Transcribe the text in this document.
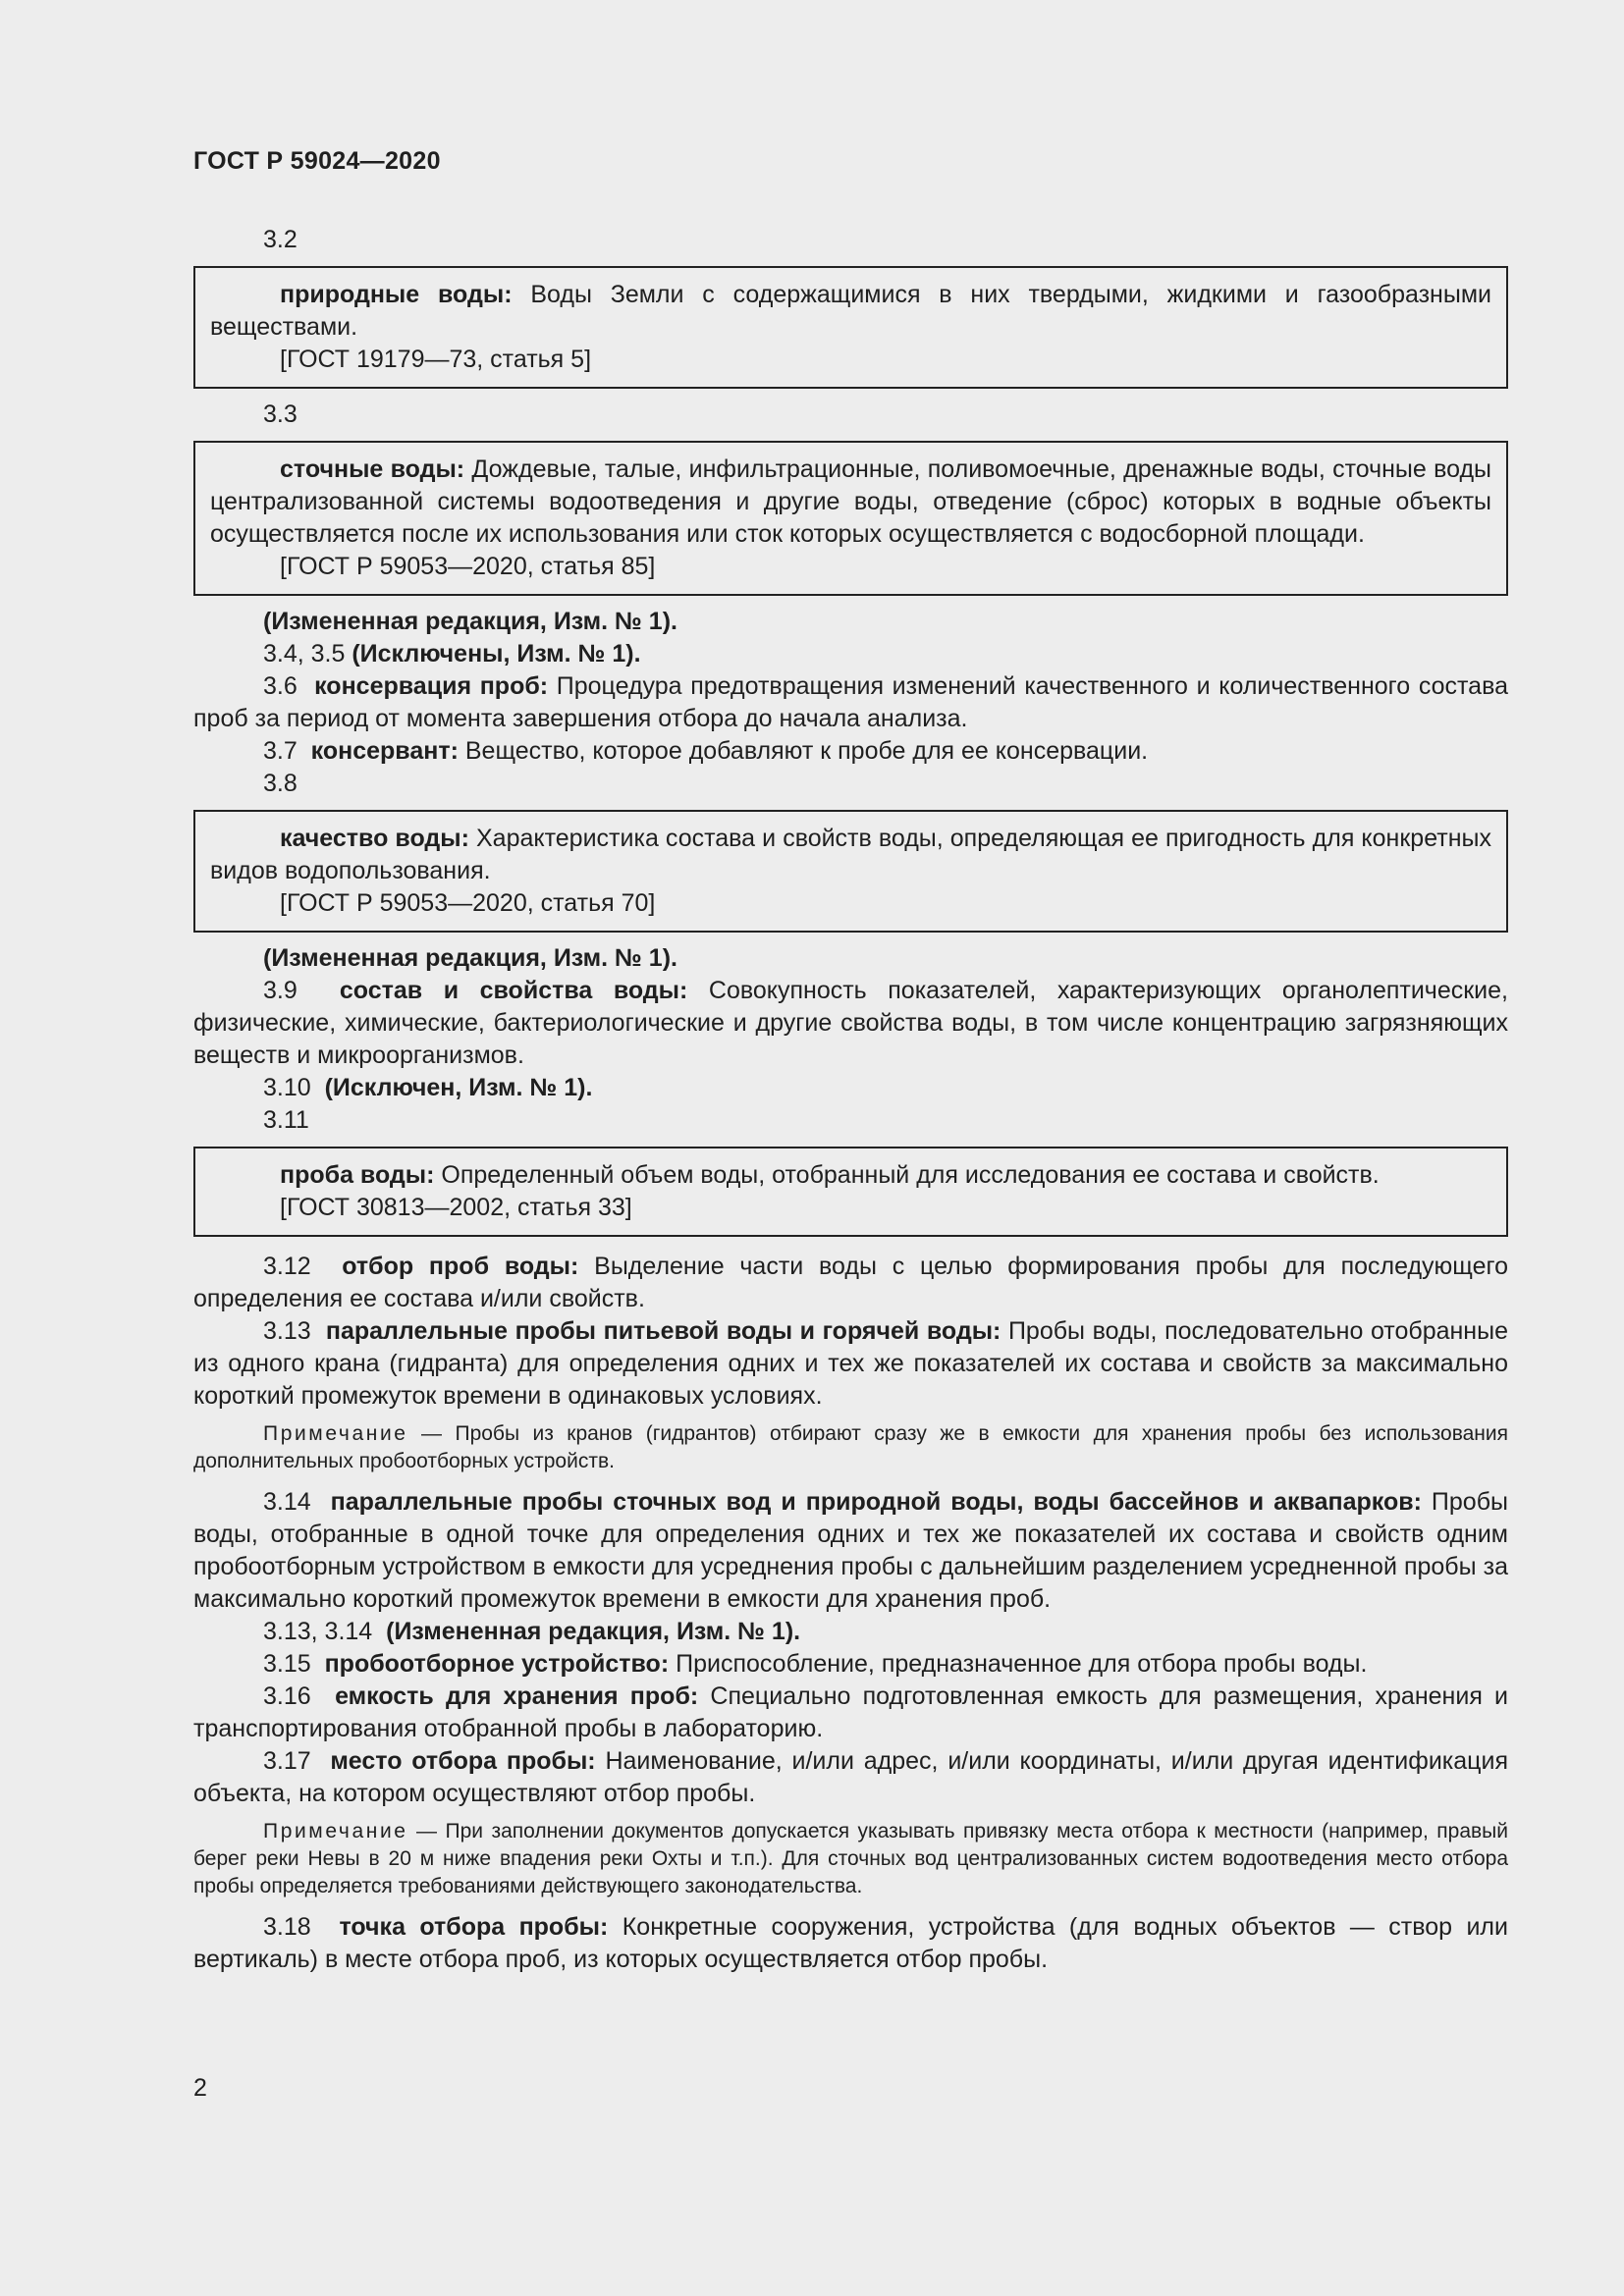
ГОСТ Р 59024—2020
3.2

природные воды: Воды Земли с содержащимися в них твердыми, жидкими и газообразными веществами.

[ГОСТ 19179—73, статья 5]
3.3

сточные воды: Дождевые, талые, инфильтрационные, поливомоечные, дренажные воды, сточные воды централизованной системы водоотведения и другие воды, отведение (сброс) которых в водные объекты осуществляется после их использования или сток которых осуществляется с водосборной площади.

[ГОСТ Р 59053—2020, статья 85]
(Измененная редакция, Изм. № 1).
3.4, 3.5 (Исключены, Изм. № 1).

3.6 консервация проб: Процедура предотвращения изменений качественного и количественного состава проб за период от момента завершения отбора до начала анализа.

3.7 консервант: Вещество, которое добавляют к пробе для ее консервации.

3.8

качество воды: Характеристика состава и свойств воды, определяющая ее пригодность для конкретных видов водопользования.

[ГОСТ Р 59053—2020, статья 70]
(Измененная редакция, Изм. № 1).

3.9 состав и свойства воды: Совокупность показателей, характеризующих органолептические, физические, химические, бактериологические и другие свойства воды, в том числе концентрацию загрязняющих веществ и микроорганизмов.

3.10 (Исключен, Изм. № 1).
3.11

проба воды: Определенный объем воды, отобранный для исследования ее состава и свойств.

[ГОСТ 30813—2002, статья 33]

3.12 отбор проб воды: Выделение части воды с целью формирования пробы для последующего определения ее состава и/или свойств.

3.13 параллельные пробы питьевой воды и горячей воды: Пробы воды, последовательно отобранные из одного крана (гидранта) для определения одних и тех же показателей их состава и свойств за максимально короткий промежуток времени в одинаковых условиях.

Примечание — Пробы из кранов (гидрантов) отбирают сразу же в емкости для хранения пробы без использования дополнительных пробоотборных устройств.

3.14 параллельные пробы сточных вод и природной воды, воды бассейнов и аквапарков: Пробы воды, отобранные в одной точке для определения одних и тех же показателей их состава и свойств одним пробоотборным устройством в емкости для усреднения пробы с дальнейшим разделением усредненной пробы за максимально короткий промежуток времени в емкости для хранения проб.

3.13, 3.14 (Измененная редакция, Изм. № 1).

3.15 пробоотборное устройство: Приспособление, предназначенное для отбора пробы воды.

3.16 емкость для хранения проб: Специально подготовленная емкость для размещения, хранения и транспортирования отобранной пробы в лабораторию.

3.17 место отбора пробы: Наименование, и/или адрес, и/или координаты, и/или другая идентификация объекта, на котором осуществляют отбор пробы.

Примечание — При заполнении документов допускается указывать привязку места отбора к местности (например, правый берег реки Невы в 20 м ниже впадения реки Охты и т.п.). Для сточных вод централизованных систем водоотведения место отбора пробы определяется требованиями действующего законодательства.

3.18 точка отбора пробы: Конкретные сооружения, устройства (для водных объектов — створ или вертикаль) в месте отбора проб, из которых осуществляется отбор пробы.

2
